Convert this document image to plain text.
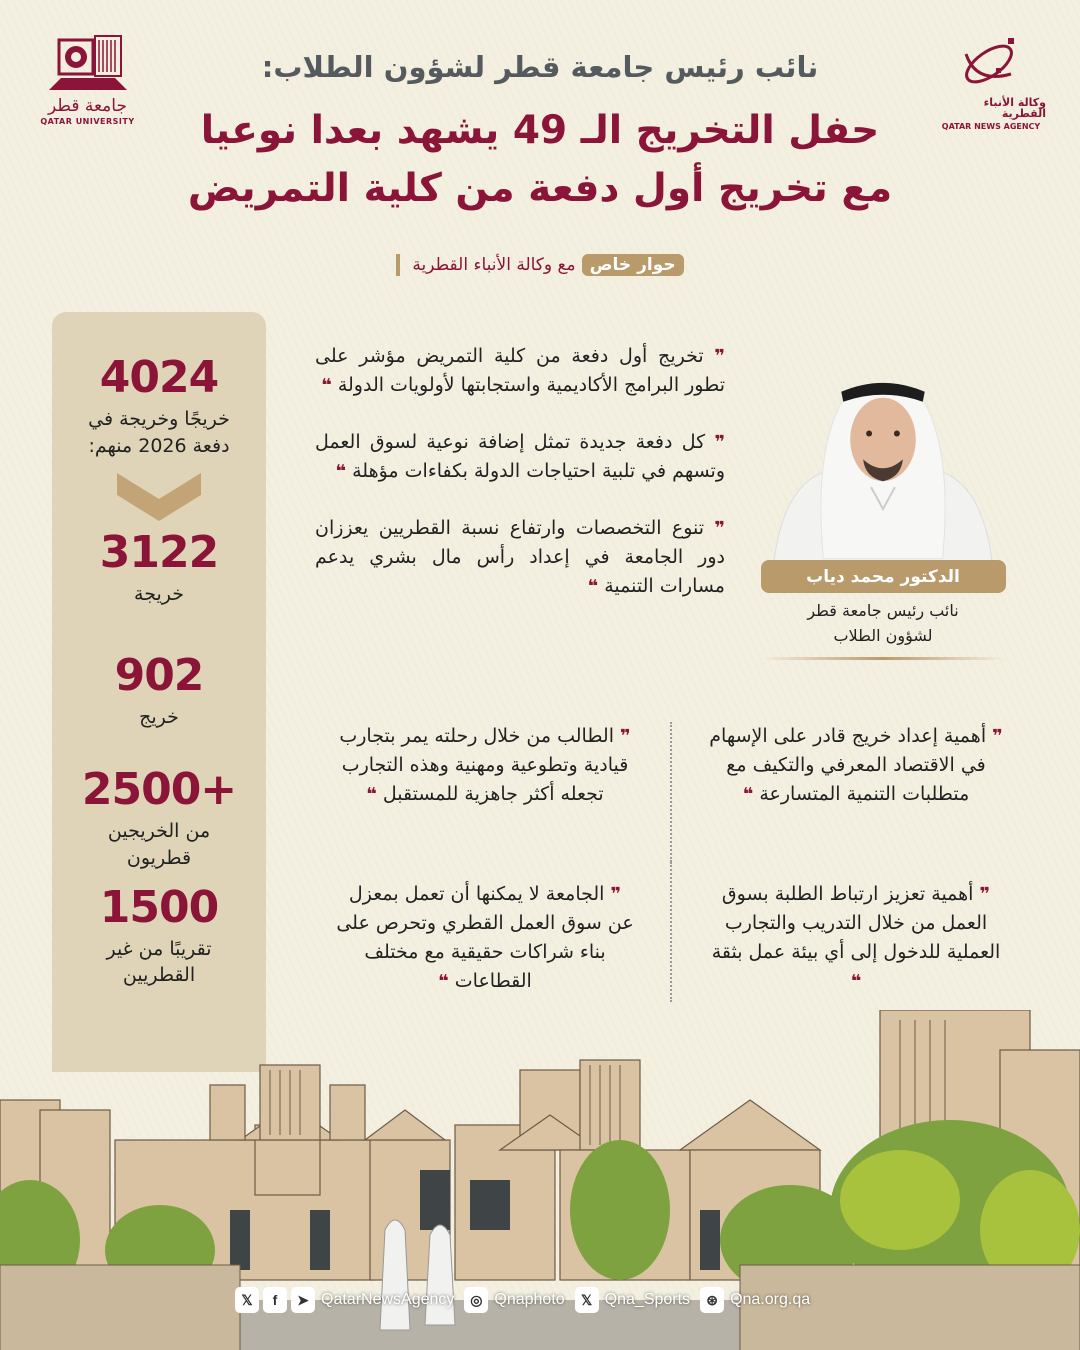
جامعة قطر
QATAR UNIVERSITY
وكالة الأنباء القطرية
QATAR NEWS AGENCY
نائب رئيس جامعة قطر لشؤون الطلاب:
حفل التخريج الـ 49 يشهد بعدا نوعيا
مع تخريج أول دفعة من كلية التمريض
حوار خاص
مع وكالة الأنباء القطرية
4024
خريجًا وخريجة في
دفعة 2026 منهم:
3122
خريجة
902
خريج
2500+
من الخريجين
قطريون
1500
تقريبًا من غير
القطريين

❞ تخريج أول دفعة من كلية التمريض مؤشر على تطور البرامج الأكاديمية واستجابتها لأولويات الدولة ❝

❞ كل دفعة جديدة تمثل إضافة نوعية لسوق العمل وتسهم في تلبية احتياجات الدولة بكفاءات مؤهلة ❝

❞ تنوع التخصصات وارتفاع نسبة القطريين يعززان دور الجامعة في إعداد رأس مال بشري يدعم مسارات التنمية ❝	الدكتور محمد دياب
نائب رئيس جامعة قطر
لشؤون الطلاب

❞ أهمية إعداد خريج قادر على الإسهام في الاقتصاد المعرفي والتكيف مع متطلبات التنمية المتسارعة ❝

❞ الطالب من خلال رحلته يمر بتجارب قيادية وتطوعية ومهنية وهذه التجارب تجعله أكثر جاهزية للمستقبل ❝

❞ أهمية تعزيز ارتباط الطلبة بسوق العمل من خلال التدريب والتجارب العملية للدخول إلى أي بيئة عمل بثقة ❝

❞ الجامعة لا يمكنها أن تعمل بمعزل عن سوق العمل القطري وتحرص على بناء شراكات حقيقية مع مختلف القطاعات ❝

𝕏	f	➤ QatarNewsAgency	◎ Qnaphoto	𝕏 Qna_Sports	⊛ Qna.org.qa
